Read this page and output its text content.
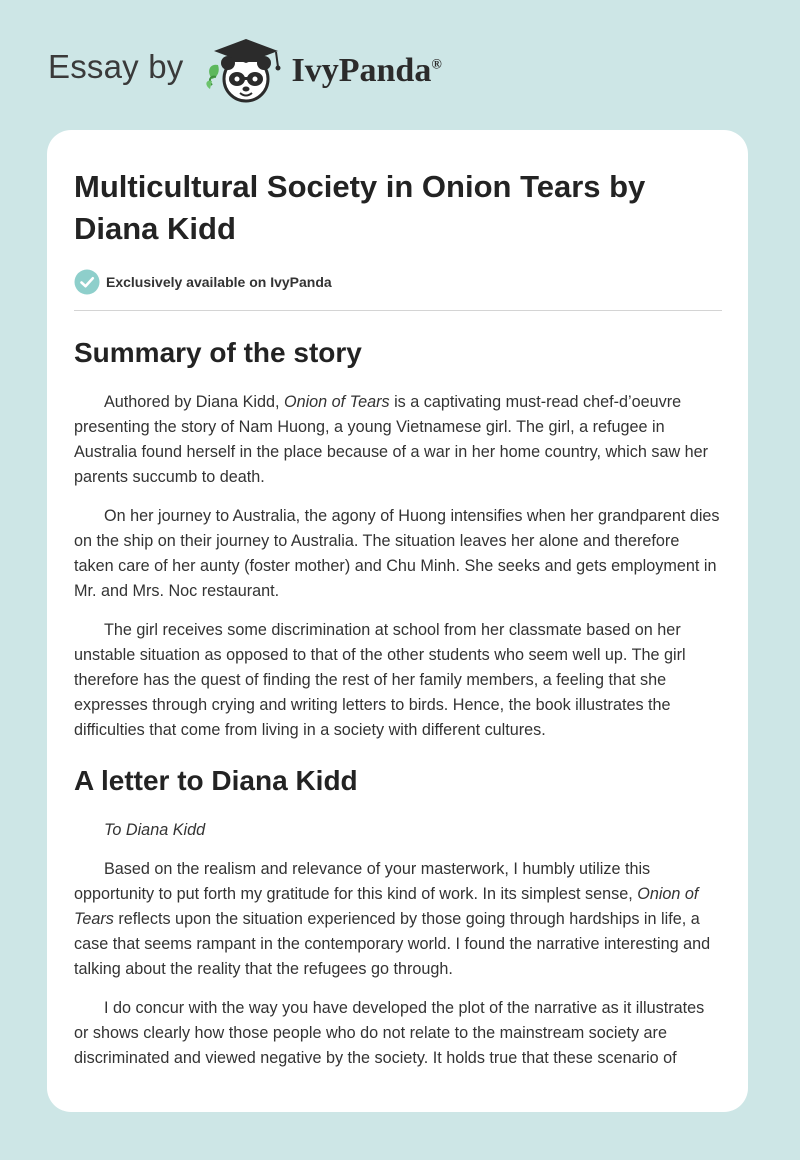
Essay by	IvyPanda®
Multicultural Society in Onion Tears by Diana Kidd
Exclusively available on IvyPanda
Summary of the story

Authored by Diana Kidd, Onion of Tears is a captivating must-read chef-d’oeuvre presenting the story of Nam Huong, a young Vietnamese girl. The girl, a refugee in Australia found herself in the place because of a war in her home country, which saw her parents succumb to death.

On her journey to Australia, the agony of Huong intensifies when her grandparent dies on the ship on their journey to Australia. The situation leaves her alone and therefore taken care of her aunty (foster mother) and Chu Minh. She seeks and gets employment in Mr. and Mrs. Noc restaurant.

The girl receives some discrimination at school from her classmate based on her unstable situation as opposed to that of the other students who seem well up. The girl therefore has the quest of finding the rest of her family members, a feeling that she expresses through crying and writing letters to birds. Hence, the book illustrates the difficulties that come from living in a society with different cultures.

A letter to Diana Kidd

To Diana Kidd

Based on the realism and relevance of your masterwork, I humbly utilize this opportunity to put forth my gratitude for this kind of work. In its simplest sense, Onion of Tears reflects upon the situation experienced by those going through hardships in life, a case that seems rampant in the contemporary world. I found the narrative interesting and talking about the reality that the refugees go through.

I do concur with the way you have developed the plot of the narrative as it illustrates or shows clearly how those people who do not relate to the mainstream society are discriminated and viewed negative by the society. It holds true that these scenario of
